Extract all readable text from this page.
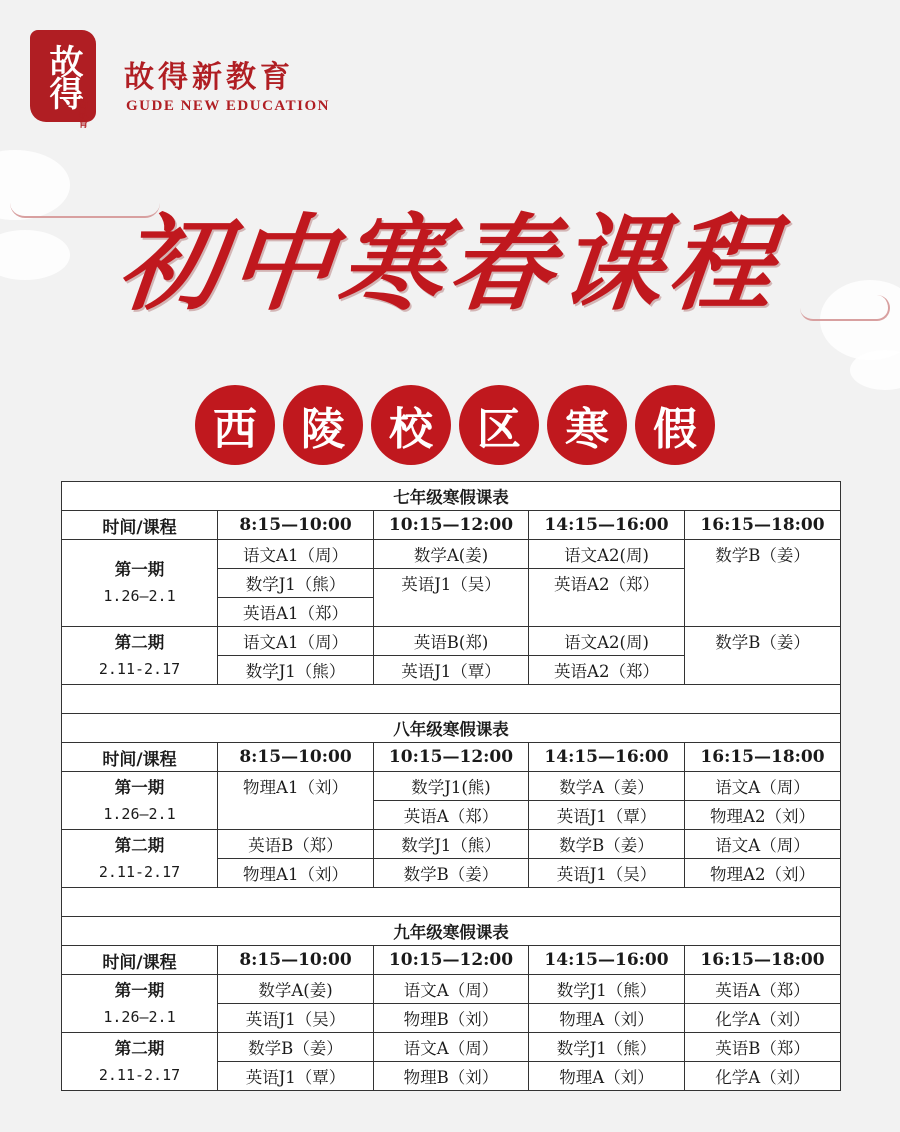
故得
新教育
故得新教育
GUDE NEW EDUCATION
初中寒春课程
西	陵	校	区	寒	假
七年级寒假课表				
时间/课程	8:15—10:00	10:15—12:00	14:15—16:00	16:15—18:00

第一期
1.26—2.1	语文A1（周）	数学A(姜)	语文A2(周)	数学B（姜）
	数学J1（熊）	英语J1（吴）	英语A2（郑）	
	英语A1（郑）			

第二期
2.11-2.17	语文A1（周）	英语B(郑)	语文A2(周)	数学B（姜）
	数学J1（熊）	英语J1（覃）	英语A2（郑）	

八年级寒假课表				
时间/课程	8:15—10:00	10:15—12:00	14:15—16:00	16:15—18:00

第一期
1.26—2.1	物理A1（刘）	数学J1(熊)	数学A（姜）	语文A（周）
		英语A（郑）	英语J1（覃）	物理A2（刘）

第二期
2.11-2.17	英语B（郑）	数学J1（熊）	数学B（姜）	语文A（周）
	物理A1（刘）	数学B（姜）	英语J1（吴）	物理A2（刘）

九年级寒假课表				
时间/课程	8:15—10:00	10:15—12:00	14:15—16:00	16:15—18:00

第一期
1.26—2.1	数学A(姜)	语文A（周）	数学J1（熊）	英语A（郑）
	英语J1（吴）	物理B（刘）	物理A（刘）	化学A（刘）

第二期
2.11-2.17	数学B（姜）	语文A（周）	数学J1（熊）	英语B（郑）
	英语J1（覃）	物理B（刘）	物理A（刘）	化学A（刘）
